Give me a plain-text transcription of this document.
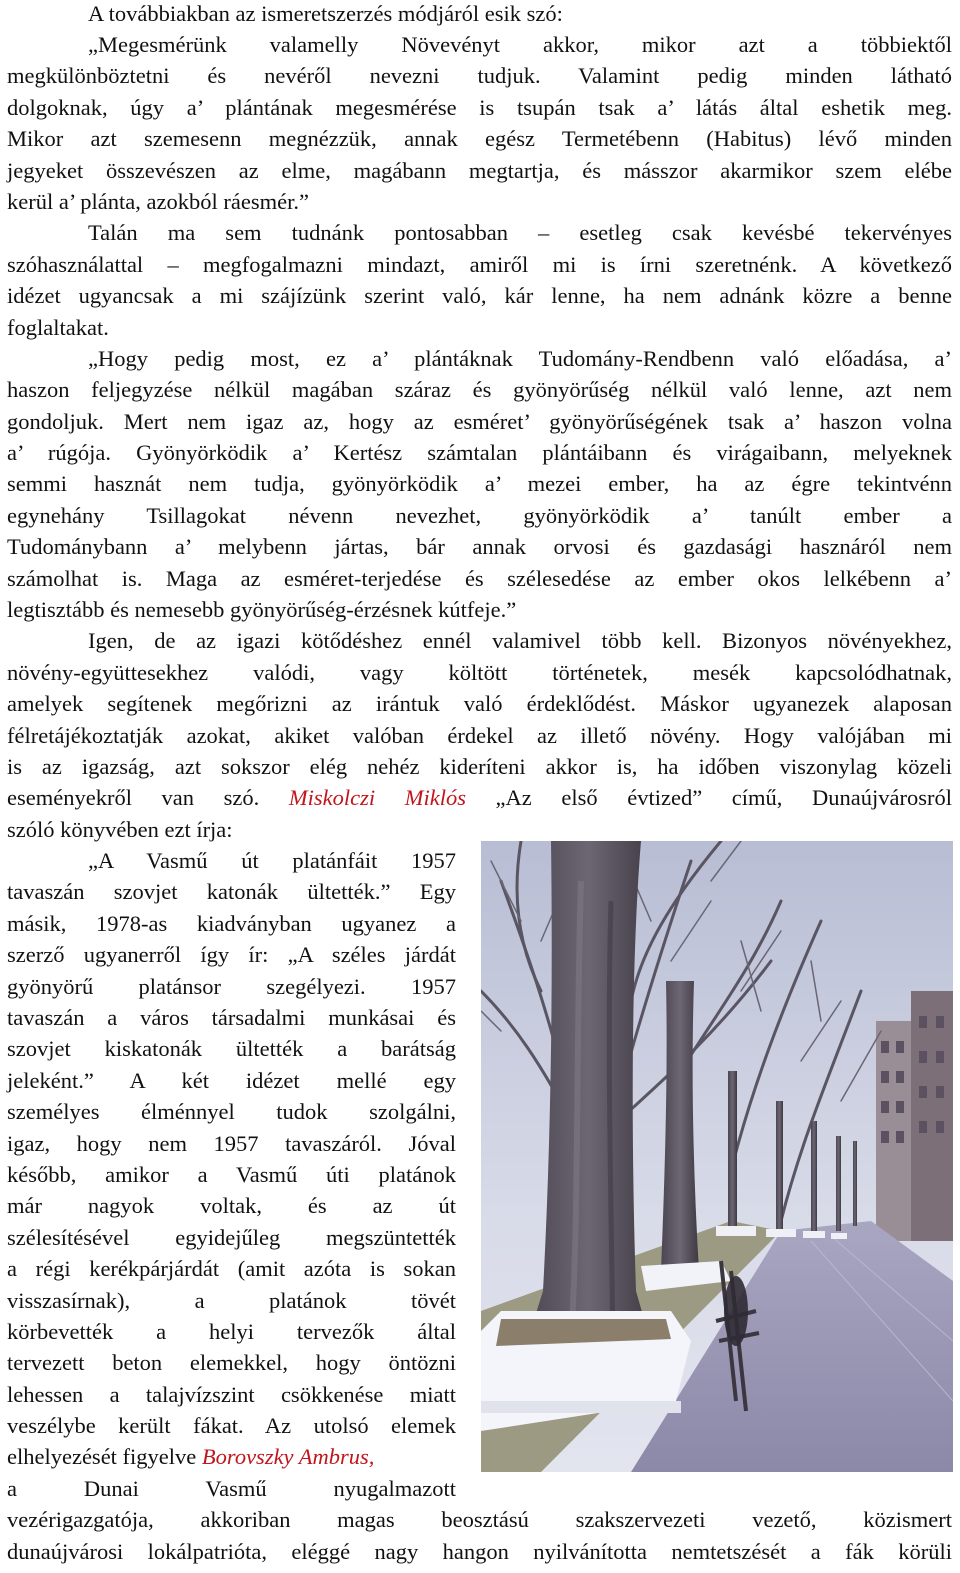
A továbbiakban az ismeretszerzés módjáról esik szó:
„Megesmérünk valamelly Növevényt akkor, mikor azt a többiektől
megkülönböztetni és nevéről nevezni tudjuk. Valamint pedig minden látható
dolgoknak, úgy a’ plántának megesmérése is tsupán tsak a’ látás által eshetik meg.
Mikor azt szemesenn megnézzük, annak egész Termetébenn (Habitus) lévő minden
jegyeket összevészen az elme, magábann megtartja, és másszor akarmikor szem elébe
kerül a’ plánta, azokból ráesmér.”
Talán ma sem tudnánk pontosabban – esetleg csak kevésbé tekervényes
szóhasználattal – megfogalmazni mindazt, amiről mi is írni szeretnénk. A következő
idézet ugyancsak a mi szájízünk szerint való, kár lenne, ha nem adnánk közre a benne
foglaltakat.
„Hogy pedig most, ez a’ plántáknak Tudomány-Rendbenn való előadása, a’
haszon feljegyzése nélkül magában száraz és gyönyörűség nélkül való lenne, azt nem
gondoljuk. Mert nem igaz az, hogy az esméret’ gyönyörűségének tsak a’ haszon volna
a’ rúgója. Gyönyörködik a’ Kertész számtalan plántáibann és virágaibann, melyeknek
semmi hasznát nem tudja, gyönyörködik a’ mezei ember, ha az égre tekintvénn
egynehány Tsillagokat névenn nevezhet, gyönyörködik a’ tanúlt ember a
Tudománybann a’ melybenn jártas, bár annak orvosi és gazdasági hasznáról nem
számolhat is. Maga az esméret-terjedése és szélesedése az ember okos lelkébenn a’
legtisztább és nemesebb gyönyörűség-érzésnek kútfeje.”
Igen, de az igazi kötődéshez ennél valamivel több kell. Bizonyos növényekhez,
növény-együttesekhez valódi, vagy költött történetek, mesék kapcsolódhatnak,
amelyek segítenek megőrizni az irántuk való érdeklődést. Máskor ugyanezek alaposan
félretájékoztatják azokat, akiket valóban érdekel az illető növény. Hogy valójában mi
is az igazság, azt sokszor elég nehéz kideríteni akkor is, ha időben viszonylag közeli
eseményekről van szó. Miskolczi Miklós „Az első évtized” című, Dunaújvárosról
szóló könyvében ezt írja:
„A Vasmű út platánfáit 1957
tavaszán szovjet katonák ültették.” Egy
másik, 1978-as kiadványban ugyanez a
szerző ugyanerről így ír: „A széles járdát
gyönyörű platánsor szegélyezi. 1957
tavaszán a város társadalmi munkásai és
szovjet kiskatonák ültették a barátság
jeleként.” A két idézet mellé egy
személyes élménnyel tudok szolgálni,
igaz, hogy nem 1957 tavaszáról. Jóval
később, amikor a Vasmű úti platánok
már nagyok voltak, és az út
szélesítésével egyidejűleg megszüntették
a régi kerékpárjárdát (amit azóta is sokan
visszasírnak), a platánok tövét
körbevették a helyi tervezők által
tervezett beton elemekkel, hogy öntözni
lehessen a talajvízszint csökkenése miatt
veszélybe került fákat. Az utolsó elemek
elhelyezését figyelve Borovszky Ambrus,
a Dunai Vasmű nyugalmazott
vezérigazgatója, akkoriban magas beosztású szakszervezeti vezető, közismert
dunaújvárosi lokálpatrióta, eléggé nagy hangon nyilvánította nemtetszését a fák körüli
